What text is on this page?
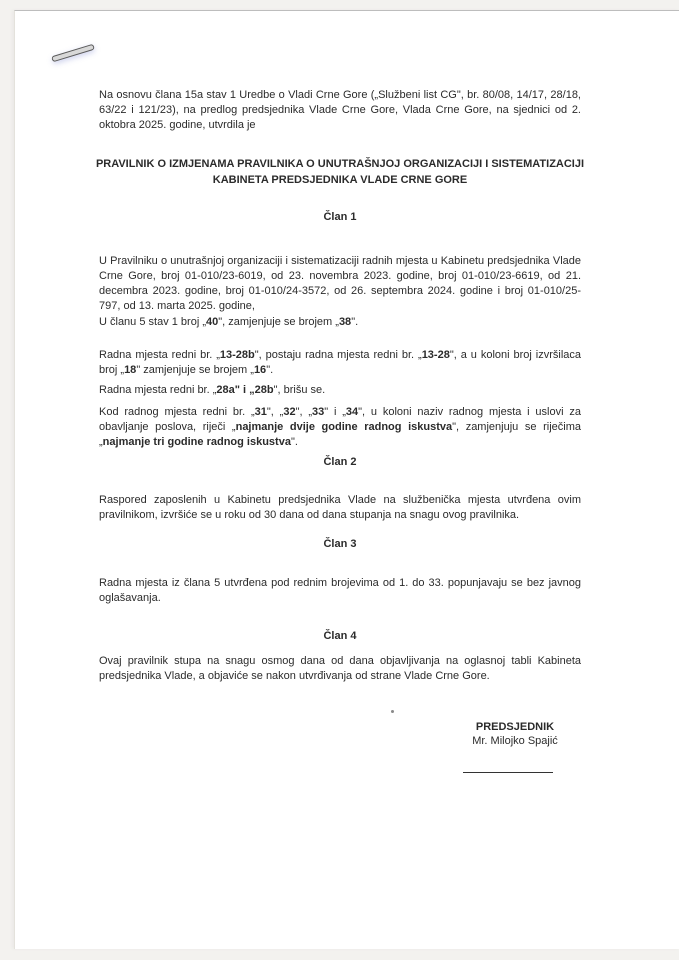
Na osnovu člana 15a stav 1 Uredbe o Vladi Crne Gore („Službeni list CG", br. 80/08, 14/17, 28/18, 63/22 i 121/23), na predlog predsjednika Vlade Crne Gore, Vlada Crne Gore, na sjednici od 2. oktobra 2025. godine, utvrdila je

PRAVILNIK O IZMJENAMA PRAVILNIKA O UNUTRAŠNJOJ ORGANIZACIJI I SISTEMATIZACIJI
KABINETA PREDSJEDNIKA VLADE CRNE GORE

Član 1

U Pravilniku o unutrašnjoj organizaciji i sistematizaciji radnih mjesta u Kabinetu predsjednika Vlade Crne Gore, broj 01-010/23-6019, od 23. novembra 2023. godine, broj 01-010/23-6619, od 21. decembra 2023. godine, broj 01-010/24-3572, od 26. septembra 2024. godine i broj 01-010/25-797, od 13. marta 2025. godine,

U članu 5 stav 1 broj „40", zamjenjuje se brojem „38".

Radna mjesta redni br. „13-28b", postaju radna mjesta redni br. „13-28", a u koloni broj izvršilaca broj „18" zamjenjuje se brojem „16".

Radna mjesta redni br. „28a" i „28b", brišu se.

Kod radnog mjesta redni br. „31", „32", „33" i „34", u koloni naziv radnog mjesta i uslovi za obavljanje poslova, riječi „najmanje dvije godine radnog iskustva", zamjenjuju se riječima „najmanje tri godine radnog iskustva".

Član 2

Raspored zaposlenih u Kabinetu predsjednika Vlade na službenička mjesta utvrđena ovim pravilnikom, izvršiće se u roku od 30 dana od dana stupanja na snagu ovog pravilnika.

Član 3

Radna mjesta iz člana 5 utvrđena pod rednim brojevima od 1. do 33. popunjavaju se bez javnog oglašavanja.

Član 4

Ovaj pravilnik stupa na snagu osmog dana od dana objavljivanja na oglasnoj tabli Kabineta predsjednika Vlade, a objaviće se nakon utvrđivanja od strane Vlade Crne Gore.

PREDSJEDNIK

Mr. Milojko Spajić
